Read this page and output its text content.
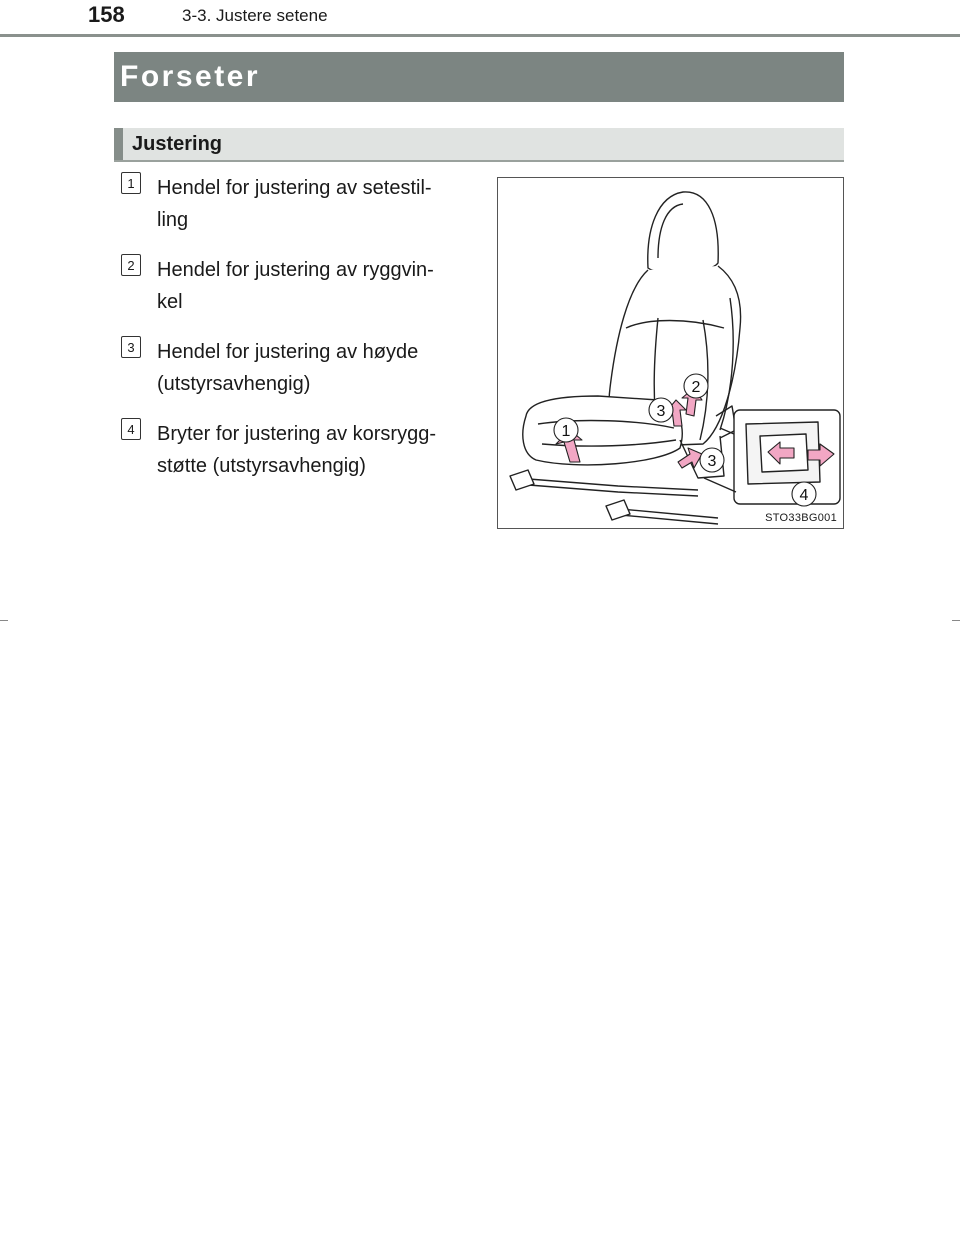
158	3-3. Justere setene
Forseter
Justering
1	Hendel for justering av setestil-
ling
2	Hendel for justering av ryggvin-
kel
3	Hendel for justering av høyde
(utstyrsavhengig)
4	Bryter for justering av korsrygg-
støtte (utstyrsavhengig)
1
2
3
3
4
STO33BG001
